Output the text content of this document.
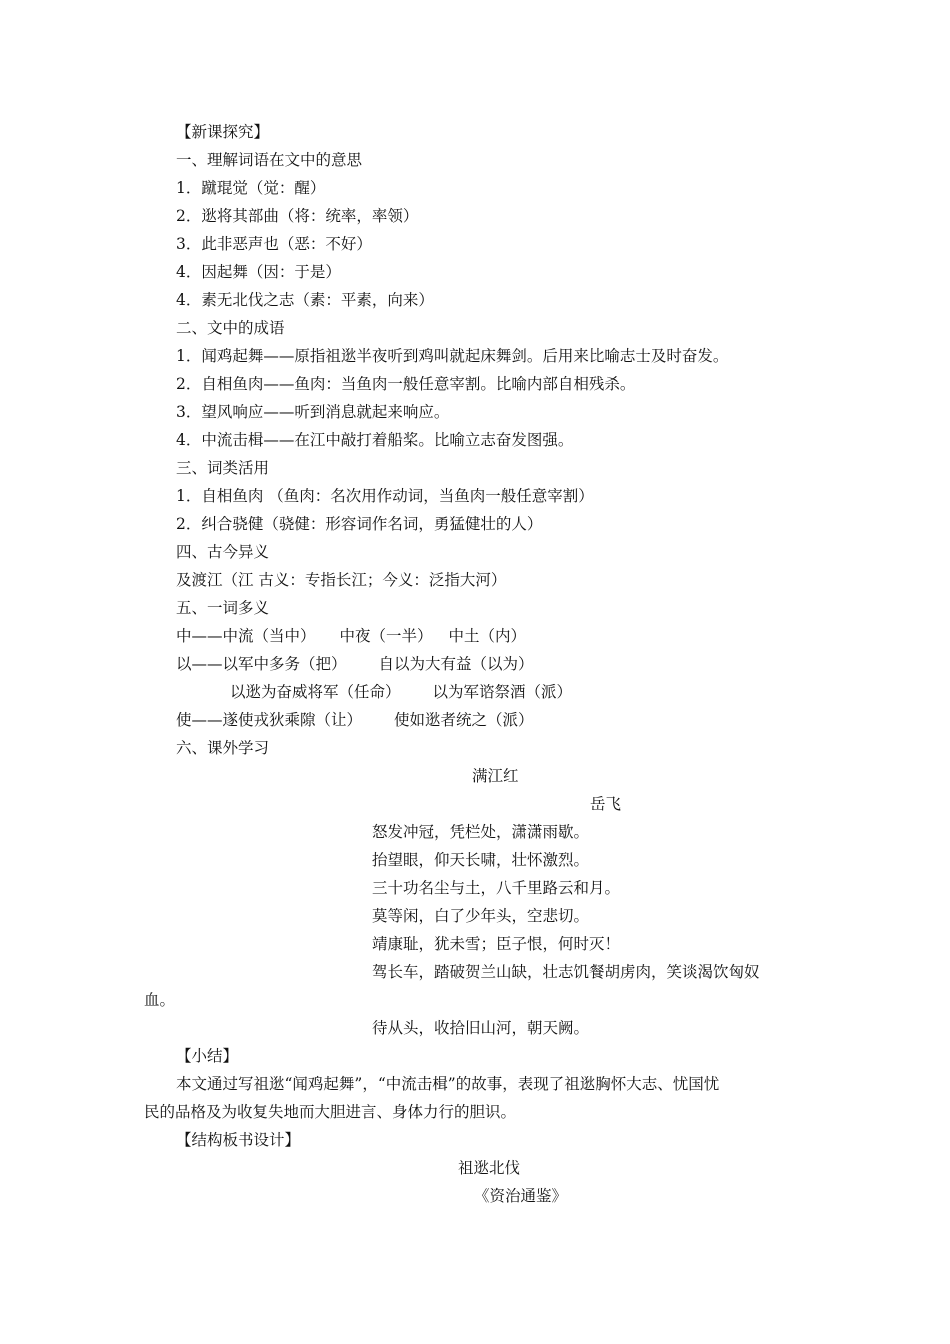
【新课探究】
一、理解词语在文中的意思
1．蹴琨觉（觉：醒）
2．逖将其部曲（将：统率，率领）
3．此非恶声也（恶：不好）
4．因起舞（因：于是）
4．素无北伐之志（素：平素，向来）
二、文中的成语
1．闻鸡起舞——原指祖逖半夜听到鸡叫就起床舞剑。后用来比喻志士及时奋发。
2．自相鱼肉——鱼肉：当鱼肉一般任意宰割。比喻内部自相残杀。
3．望风响应——听到消息就起来响应。
4．中流击楫——在江中敲打着船桨。比喻立志奋发图强。
三、词类活用
1．自相鱼肉 （鱼肉：名次用作动词，当鱼肉一般任意宰割）
2．纠合骁健（骁健：形容词作名词，勇猛健壮的人）
四、古今异义
及渡江（江 古义：专指长江；今义：泛指大河）
五、一词多义
中——中流（当中） 中夜（一半） 中土（内）
以——以军中多务（把） 自以为大有益（以为）
以逖为奋威将军（任命） 以为军谘祭酒（派）
使——遂使戎狄乘隙（让） 使如逖者统之（派）
六、课外学习
满江红
岳飞
怒发冲冠，凭栏处，潇潇雨歇。
抬望眼，仰天长啸，壮怀激烈。
三十功名尘与土，八千里路云和月。
莫等闲，白了少年头，空悲切。
靖康耻，犹未雪；臣子恨，何时灭！
驾长车，踏破贺兰山缺，壮志饥餐胡虏肉，笑谈渴饮匈奴
血。
待从头，收拾旧山河，朝天阙。
【小结】
本文通过写祖逖“闻鸡起舞”，“中流击楫”的故事，表现了祖逖胸怀大志、忧国忧
民的品格及为收复失地而大胆进言、身体力行的胆识。
【结构板书设计】
祖逖北伐
《资治通鉴》
